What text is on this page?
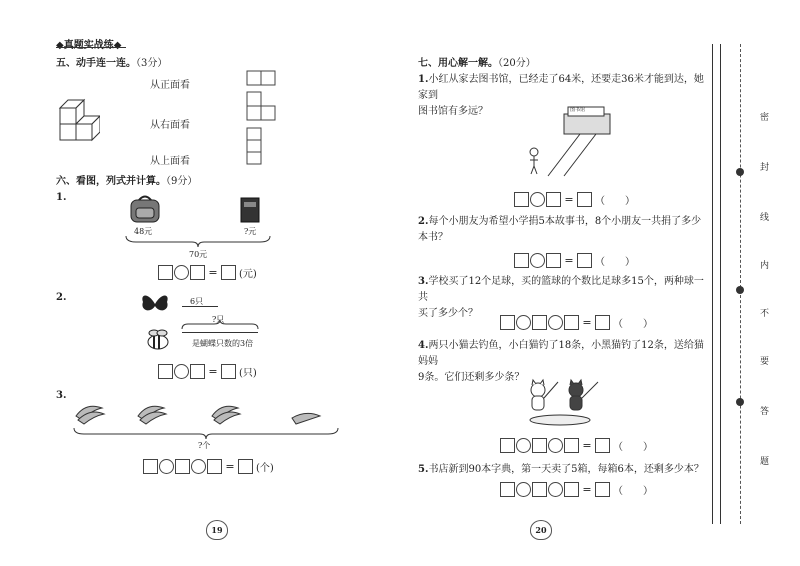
◆真题实战练◆
五、动手连一连。（3分）
从正面看
从右面看
从上面看
六、看图，列式并计算。（9分）
1.
48元	?元
70元
= (元)
2.	6只
?只
是蝴蝶只数的3倍
= (只)
3.
?个
= (个)
19
七、用心解一解。（20分）
1.小红从家去图书馆，已经走了64米，还要走36米才能到达，她家到
图书馆有多远？	图书馆
= （　　）
2.每个小朋友为希望小学捐5本故事书，8个小朋友一共捐了多少
本书？
= （　　）
3.学校买了12个足球，买的篮球的个数比足球多15个，两种球一共
买了多少个？
= （　　）
4.两只小猫去钓鱼，小白猫钓了18条，小黑猫钓了12条，送给猫妈妈
9条。它们还剩多少条？
= （　　）
5.书店新到90本字典，第一天卖了5箱，每箱6本，还剩多少本？
= （　　）
20
密
封
线
内
不
要
答
题
